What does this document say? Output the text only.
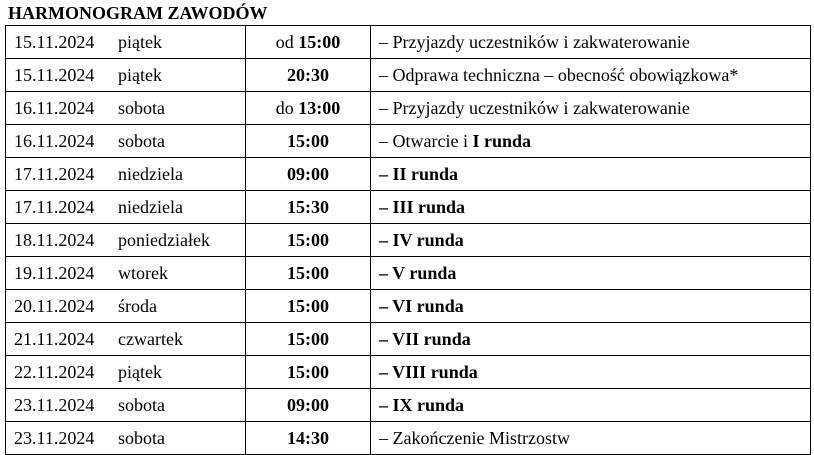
HARMONOGRAM ZAWODÓW
15.11.2024 piątek	od 15:00	– Przyjazdy uczestników i zakwaterowanie
15.11.2024 piątek	20:30	– Odprawa techniczna – obecność obowiązkowa*
16.11.2024 sobota	do 13:00	– Przyjazdy uczestników i zakwaterowanie
16.11.2024 sobota	15:00	– Otwarcie i I runda
17.11.2024 niedziela	09:00	– II runda
17.11.2024 niedziela	15:30	– III runda
18.11.2024 poniedziałek	15:00	– IV runda
19.11.2024 wtorek	15:00	– V runda
20.11.2024 środa	15:00	– VI runda
21.11.2024 czwartek	15:00	– VII runda
22.11.2024 piątek	15:00	– VIII runda
23.11.2024 sobota	09:00	– IX runda
23.11.2024 sobota	14:30	– Zakończenie Mistrzostw
